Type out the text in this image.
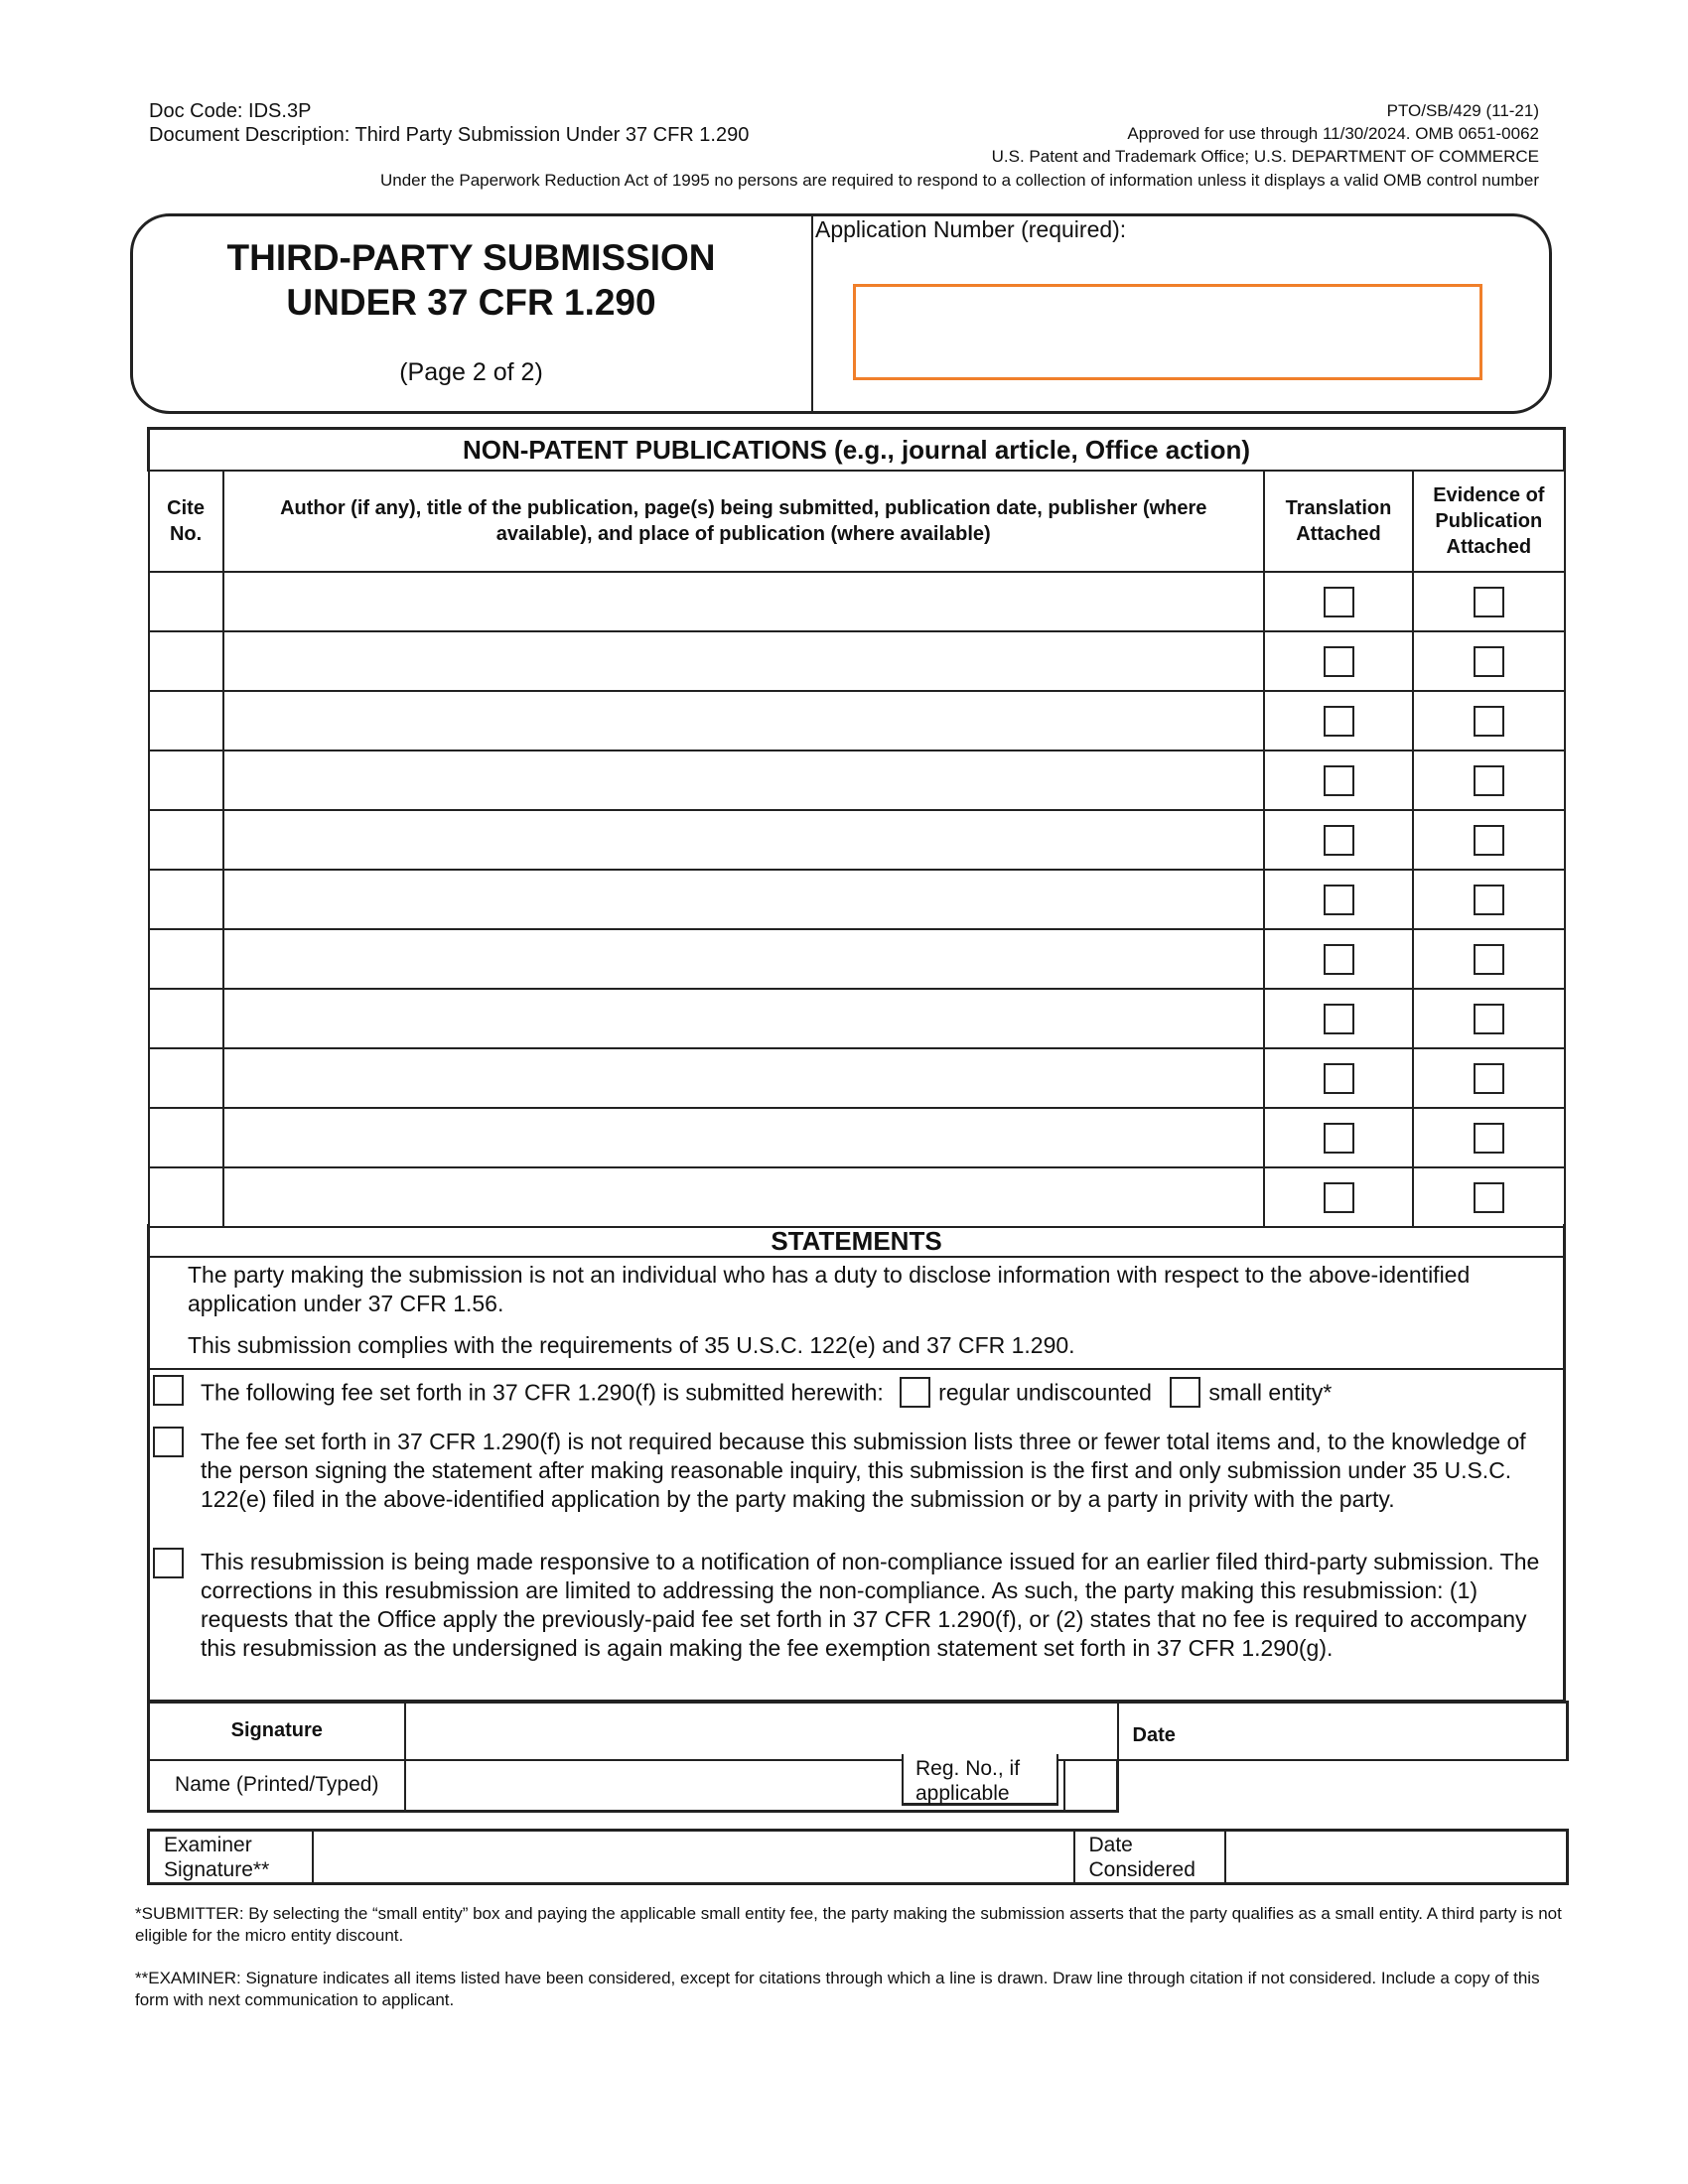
Doc Code: IDS.3P
Document Description: Third Party Submission Under 37 CFR 1.290
PTO/SB/429 (11-21)
Approved for use through 11/30/2024. OMB 0651-0062
U.S. Patent and Trademark Office; U.S. DEPARTMENT OF COMMERCE
Under the Paperwork Reduction Act of 1995 no persons are required to respond to a collection of information unless it displays a valid OMB control number
THIRD-PARTY SUBMISSION
UNDER 37 CFR 1.290
(Page 2 of 2)
Application Number (required):
NON-PATENT PUBLICATIONS (e.g., journal article, Office action)			
Cite No.	Author (if any), title of the publication, page(s) being submitted, publication date, publisher (where available), and place of publication (where available)	Translation Attached	Evidence of Publication Attached

STATEMENTS
The party making the submission is not an individual who has a duty to disclose information with respect to the above-identified application under 37 CFR 1.56.
This submission complies with the requirements of 35 U.S.C. 122(e) and 37 CFR 1.290.
The following fee set forth in 37 CFR 1.290(f) is submitted herewith: regular undiscounted small entity*
The fee set forth in 37 CFR 1.290(f) is not required because this submission lists three or fewer total items and, to the knowledge of the person signing the statement after making reasonable inquiry, this submission is the first and only submission under 35 U.S.C. 122(e) filed in the above-identified application by the party making the submission or by a party in privity with the party.
This resubmission is being made responsive to a notification of non-compliance issued for an earlier filed third-party submission. The corrections in this resubmission are limited to addressing the non-compliance. As such, the party making this resubmission: (1) requests that the Office apply the previously-paid fee set forth in 37 CFR 1.290(f), or (2) states that no fee is required to accompany this resubmission as the undersigned is again making the fee exemption statement set forth in 37 CFR 1.290(g).
Signature			Date
Name (Printed/Typed)			
Reg. No., if applicable
Examiner Signature**		Date Considered	
*SUBMITTER: By selecting the “small entity” box and paying the applicable small entity fee, the party making the submission asserts that the party qualifies as a small entity. A third party is not eligible for the micro entity discount.
**EXAMINER: Signature indicates all items listed have been considered, except for citations through which a line is drawn. Draw line through citation if not considered. Include a copy of this form with next communication to applicant.
